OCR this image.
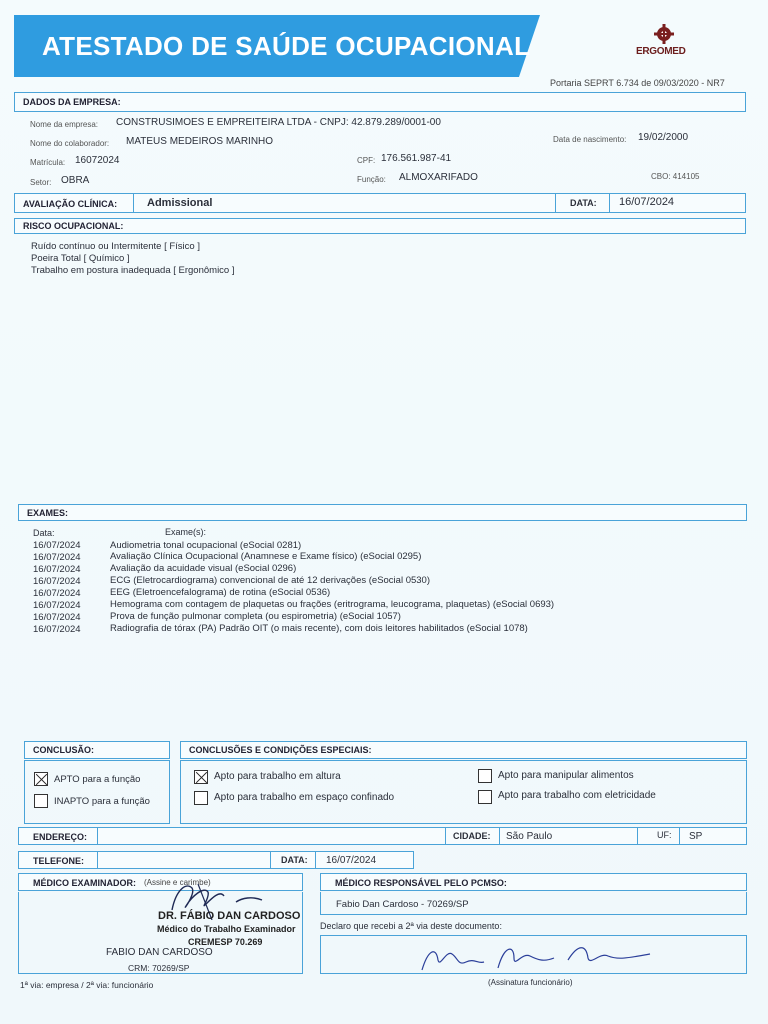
ATESTADO DE SAÚDE OCUPACIONAL	ERGOMED
Portaria SEPRT 6.734 de 09/03/2020 - NR7
DADOS DA EMPRESA:
Nome da empresa: CONSTRUSIMOES E EMPREITEIRA LTDA - CNPJ: 42.879.289/0001-00
Nome do colaborador: MATEUS MEDEIROS MARINHO	Data de nascimento: 19/02/2000
Matrícula: 16072024	CPF: 176.561.987-41
Setor: OBRA	Função: ALMOXARIFADO	CBO: 414105
AVALIAÇÃO CLÍNICA:	Admissional	DATA: 16/07/2024
RISCO OCUPACIONAL:
Ruído contínuo ou Intermitente [ Físico ]
Poeira Total [ Químico ]
Trabalho em postura inadequada [ Ergonômico ]
EXAMES:
Data:	Exame(s):
16/07/2024	Audiometria tonal ocupacional (eSocial 0281)
16/07/2024	Avaliação Clínica Ocupacional (Anamnese e Exame físico) (eSocial 0295)
16/07/2024	Avaliação da acuidade visual (eSocial 0296)
16/07/2024	ECG (Eletrocardiograma) convencional de até 12 derivações (eSocial 0530)
16/07/2024	EEG (Eletroencefalograma) de rotina (eSocial 0536)
16/07/2024	Hemograma com contagem de plaquetas ou frações (eritrograma, leucograma, plaquetas) (eSocial 0693)
16/07/2024	Prova de função pulmonar completa (ou espirometria) (eSocial 1057)
16/07/2024	Radiografia de tórax (PA) Padrão OIT (o mais recente), com dois leitores habilitados (eSocial 1078)
CONCLUSÃO:
APTO para a função
INAPTO para a função
CONCLUSÕES E CONDIÇÕES ESPECIAIS:
Apto para trabalho em altura
Apto para trabalho em espaço confinado
Apto para manipular alimentos
Apto para trabalho com eletricidade
ENDEREÇO:	CIDADE: São Paulo	UF: SP
TELEFONE:	DATA: 16/07/2024
MÉDICO EXAMINADOR: (Assine e carimbe)
DR. FÁBIO DAN CARDOSO
Médico do Trabalho Examinador
CREMESP 70.269
FABIO DAN CARDOSO
CRM: 70269/SP
MÉDICO RESPONSÁVEL PELO PCMSO:
Fabio Dan Cardoso - 70269/SP
Declaro que recebi a 2ª via deste documento:
(Assinatura funcionário)
1ª via: empresa / 2ª via: funcionário
